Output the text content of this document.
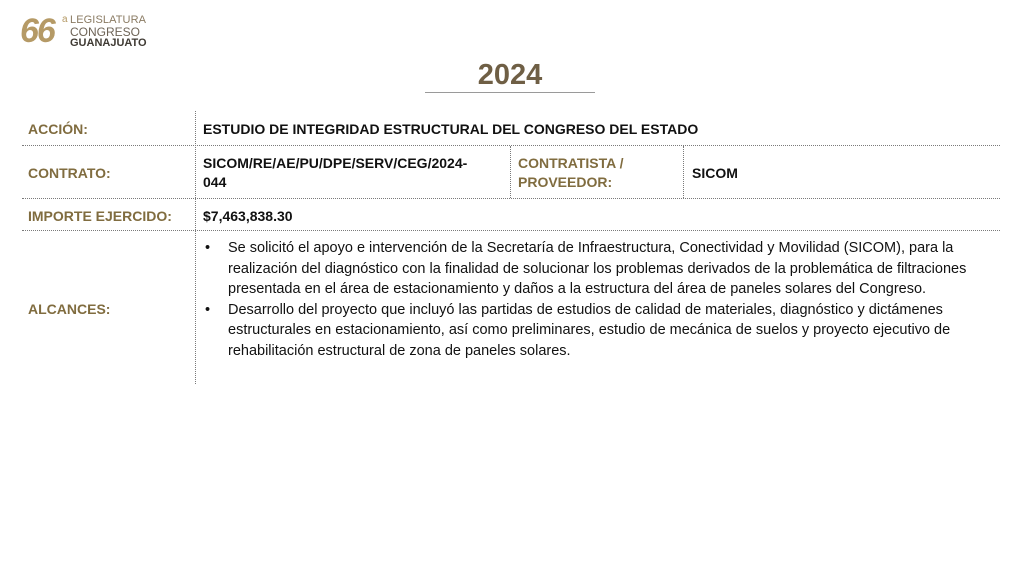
66 a LEGISLATURA
CONGRESO
GUANAJUATO
2024
ACCIÓN:	ESTUDIO DE INTEGRIDAD ESTRUCTURAL DEL CONGRESO DEL ESTADO
CONTRATO:
SICOM/RE/AE/PU/DPE/SERV/CEG/2024-
044
CONTRATISTA /
PROVEEDOR:
SICOM
IMPORTE EJERCIDO: $7,463,838.30
ALCANCES:
• Se solicitó el apoyo e intervención de la Secretaría de Infraestructura, Conectividad y Movilidad (SICOM), para la realización del diagnóstico con la finalidad de solucionar los problemas derivados de la problemática de filtraciones presentada en el área de estacionamiento y daños a la estructura del área de paneles solares del Congreso.
• Desarrollo del proyecto que incluyó las partidas de estudios de calidad de materiales, diagnóstico y dictámenes estructurales en estacionamiento, así como preliminares, estudio de mecánica de suelos y proyecto ejecutivo de rehabilitación estructural de zona de paneles solares.
